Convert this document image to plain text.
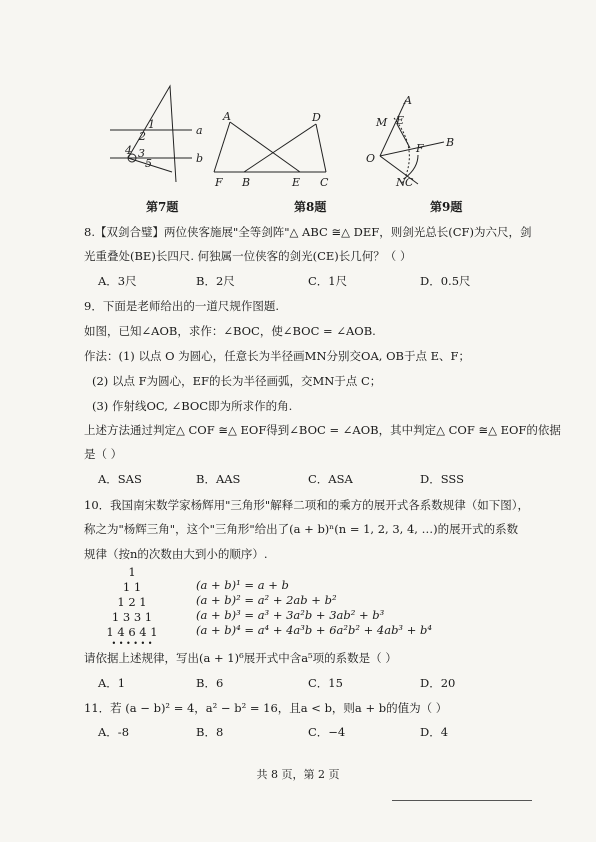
a
b
1
2
3
4
5
A	D
F B	E C
A
M E
B
F
O
N C
第7题	第8题	第9题
8.【双剑合璧】两位侠客施展"全等剑阵"△ ABC ≅△ DEF，则剑光总长(CF)为六尺，剑
光重叠处(BE)长四尺. 何独属一位侠客的剑光(CE)长几何？（ ）
A．3尺	B．2尺	C．1尺	D．0.5尺
9．下面是老师给出的一道尺规作图题.
如图，已知∠AOB，求作：∠BOC，使∠BOC = ∠AOB.
作法：(1) 以点 O 为圆心，任意长为半径画MN分别交OA, OB于点 E、F；
(2) 以点 F为圆心，EF的长为半径画弧，交MN于点 C；
(3) 作射线OC, ∠BOC即为所求作的角.
上述方法通过判定△ COF ≅△ EOF得到∠BOC = ∠AOB，其中判定△ COF ≅△ EOF的依据
是（ ）
A．SAS	B．AAS	C．ASA	D．SSS
10．我国南宋数学家杨辉用"三角形"解释二项和的乘方的展开式各系数规律（如下图），
称之为"杨辉三角"，这个"三角形"给出了(a + b)ⁿ(n = 1, 2, 3, 4, …)的展开式的系数
规律（按n的次数由大到小的顺序）.
1
1 1
1 2 1
1 3 3 1
1 4 6 4 1
• • • • • •
(a + b)¹ = a + b
(a + b)² = a² + 2ab + b²
(a + b)³ = a³ + 3a²b + 3ab² + b³
(a + b)⁴ = a⁴ + 4a³b + 6a²b² + 4ab³ + b⁴
请依据上述规律，写出(a + 1)⁶展开式中含a⁵项的系数是（ ）
A．1	B．6	C．15	D．20
11．若 (a − b)² = 4，a² − b² = 16，且a < b，则a + b的值为（ ）
A．-8	B．8	C．−4	D．4
共 8 页，第 2 页
